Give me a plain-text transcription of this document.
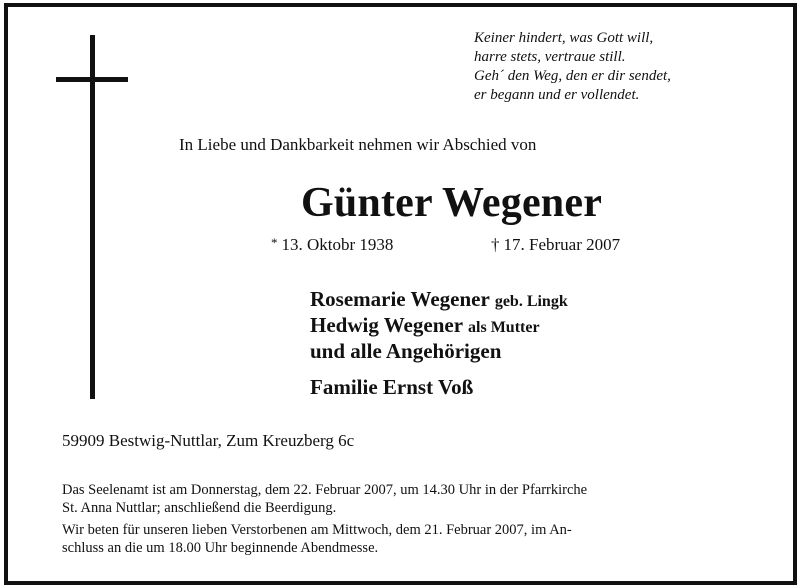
Keiner hindert, was Gott will,
harre stets, vertraue still.
Geh´ den Weg, den er dir sendet,
er begann und er vollendet.
In Liebe und Dankbarkeit nehmen wir Abschied von
Günter Wegener
* 13. Oktobr 1938	† 17. Februar 2007
Rosemarie Wegener geb. Lingk
Hedwig Wegener als Mutter
und alle Angehörigen
Familie Ernst Voß
59909 Bestwig-Nuttlar, Zum Kreuzberg 6c
Das Seelenamt ist am Donnerstag, dem 22. Februar 2007, um 14.30 Uhr in der Pfarrkirche
St. Anna Nuttlar; anschließend die Beerdigung.
Wir beten für unseren lieben Verstorbenen am Mittwoch, dem 21. Februar 2007, im An-
schluss an die um 18.00 Uhr beginnende Abendmesse.
